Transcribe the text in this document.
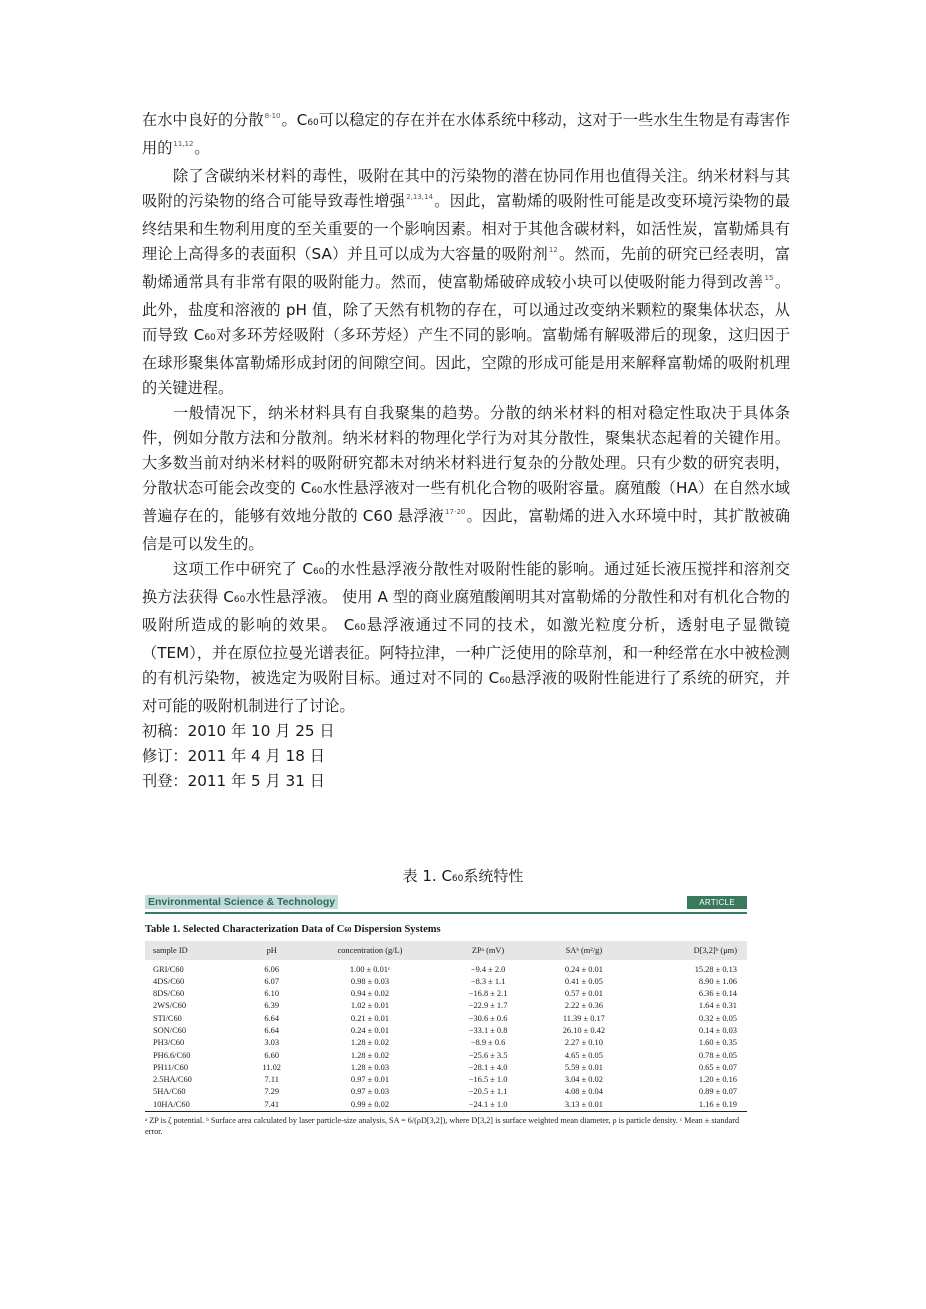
在水中良好的分散$^{8-10}$。C60可以稳定的存在并在水体系统中移动，这对于一些水生生物是有毒害作用的$^{11,12}$。

除了含碳纳米材料的毒性，吸附在其中的污染物的潜在协同作用也值得关注。纳米材料与其吸附的污染物的络合可能导致毒性增强$^{2,13,14}$。因此，富勒烯的吸附性可能是改变环境污染物的最终结果和生物利用度的至关重要的一个影响因素。相对于其他含碳材料，如活性炭，富勒烯具有理论上高得多的表面积（SA）并且可以成为大容量的吸附剂$^{12}$。然而，先前的研究已经表明，富勒烯通常具有非常有限的吸附能力。然而，使富勒烯破碎成较小块可以使吸附能力得到改善$^{15}$。此外，盐度和溶液的 pH 值，除了天然有机物的存在，可以通过改变纳米颗粒的聚集体状态，从而导致 C60对多环芳烃吸附（多环芳烃）产生不同的影响。富勒烯有解吸滞后的现象，这归因于在球形聚集体富勒烯形成封闭的间隙空间。因此，空隙的形成可能是用来解释富勒烯的吸附机理的关键进程。

一般情况下，纳米材料具有自我聚集的趋势。分散的纳米材料的相对稳定性取决于具体条件，例如分散方法和分散剂。纳米材料的物理化学行为对其分散性，聚集状态起着的关键作用。大多数当前对纳米材料的吸附研究都未对纳米材料进行复杂的分散处理。只有少数的研究表明，分散状态可能会改变的 C60水性悬浮液对一些有机化合物的吸附容量。腐殖酸（HA）在自然水域普遍存在的，能够有效地分散的 C60 悬浮液$^{17-20}$。因此，富勒烯的进入水环境中时，其扩散被确信是可以发生的。

这项工作中研究了 C60的水性悬浮液分散性对吸附性能的影响。通过延长液压搅拌和溶剂交换方法获得 C60水性悬浮液。 使用 A 型的商业腐殖酸阐明其对富勒烯的分散性和对有机化合物的吸附所造成的影响的效果。 C60悬浮液通过不同的技术，如激光粒度分析，透射电子显微镜（TEM），并在原位拉曼光谱表征。阿特拉津，一种广泛使用的除草剂，和一种经常在水中被检测的有机污染物，被选定为吸附目标。通过对不同的 C60悬浮液的吸附性能进行了系统的研究，并对可能的吸附机制进行了讨论。

初稿：2010 年 10 月 25 日
修订：2011 年 4 月 18 日
刊登：2011 年 5 月 31 日
表 1. C60系统特性
Environmental Science & Technology	ARTICLE
Table 1. Selected Characterization Data of C60 Dispersion Systems
sample ID	pH	concentration (g/L)	ZPᵃ (mV)	SAᵇ (m²/g)	D[3,2]ᵇ (μm)
GRI/C60	6.06	1.00 ± 0.01ᶜ	−9.4 ± 2.0	0.24 ± 0.01	15.28 ± 0.13
4DS/C60	6.07	0.98 ± 0.03	−8.3 ± 1.1	0.41 ± 0.05	8.90 ± 1.06
8DS/C60	6.10	0.94 ± 0.02	−16.8 ± 2.1	0.57 ± 0.01	6.36 ± 0.14
2WS/C60	6.39	1.02 ± 0.01	−22.9 ± 1.7	2.22 ± 0.36	1.64 ± 0.31
STI/C60	6.64	0.21 ± 0.01	−30.6 ± 0.6	11.39 ± 0.17	0.32 ± 0.05
SON/C60	6.64	0.24 ± 0.01	−33.1 ± 0.8	26.10 ± 0.42	0.14 ± 0.03
PH3/C60	3.03	1.28 ± 0.02	−8.9 ± 0.6	2.27 ± 0.10	1.60 ± 0.35
PH6.6/C60	6.60	1.28 ± 0.02	−25.6 ± 3.5	4.65 ± 0.05	0.78 ± 0.05
PH11/C60	11.02	1.28 ± 0.03	−28.1 ± 4.0	5.59 ± 0.01	0.65 ± 0.07
2.5HA/C60	7.11	0.97 ± 0.01	−16.5 ± 1.0	3.04 ± 0.02	1.20 ± 0.16
5HA/C60	7.29	0.97 ± 0.03	−20.5 ± 1.1	4.08 ± 0.04	0.89 ± 0.07
10HA/C60	7.41	0.99 ± 0.02	−24.1 ± 1.0	3.13 ± 0.01	1.16 ± 0.19
ᵃ ZP is ζ potential. ᵇ Surface area calculated by laser particle-size analysis, SA = 6/(ρD[3,2]), where D[3,2] is surface weighted mean diameter, ρ is particle density. ᶜ Mean ± standard error.
